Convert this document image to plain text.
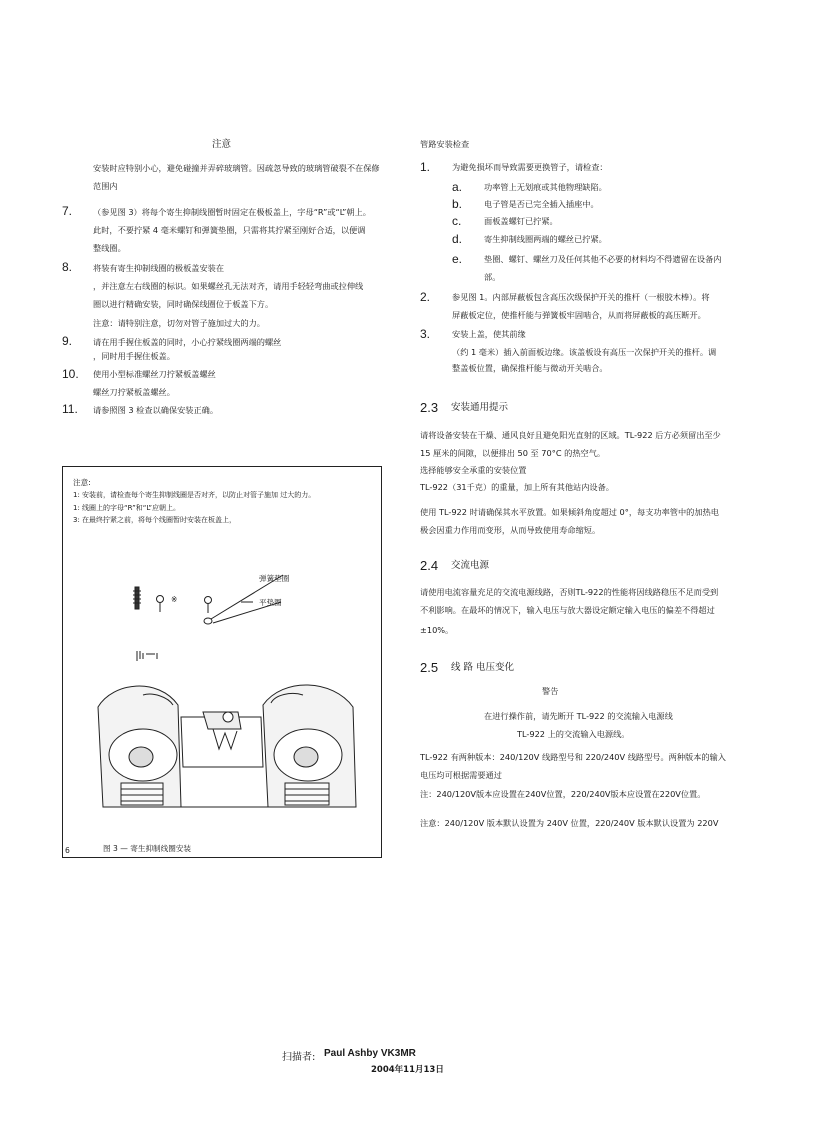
注意
安装时应特别小心，避免碰撞并弄碎玻璃管。因疏忽导致的玻璃管破裂不在保修
范围内
7.	（参见图 3）将每个寄生抑制线圈暂时固定在极板盖上，字母“R”或“L”朝上。
此时，不要拧紧 4 毫米螺钉和弹簧垫圈，只需将其拧紧至刚好合适，以便调
整线圈。
8.	将装有寄生抑制线圈的极板盖安装在
，并注意左右线圈的标识。如果螺丝孔无法对齐，请用手轻轻弯曲或拉伸线
圈以进行精确安装，同时确保线圈位于板盖下方。
注意：请特别注意，切勿对管子施加过大的力。
9.	请在用手握住板盖的同时，小心拧紧线圈两端的螺丝
，同时用手握住板盖。
10. 使用小型标准螺丝刀拧紧板盖螺丝
螺丝刀拧紧板盖螺丝。
11. 请参照图 3 检查以确保安装正确。
注意:
1: 安装前，请检查每个寄生抑制线圈是否对齐，以防止对管子施加 过大的力。
1: 线圈上的字母“R”和“L”应朝上。
3: 在最终拧紧之前，将每个线圈暂时安装在板盖上，
弹簧垫圈
平垫圈
※
6	图 3 — 寄生抑制线圈安装
管路安装检查
1.	为避免损坏而导致需要更换管子，请检查：
a.	功率管上无划痕或其他物理缺陷。
b.	电子管是否已完全插入插座中。
c.	面板盖螺钉已拧紧。
d.	寄生抑制线圈两端的螺丝已拧紧。
e.	垫圈、螺钉、螺丝刀及任何其他不必要的材料均不得遗留在设备内
部。
2.	参见图 1。内部屏蔽板包含高压次级保护开关的推杆（一根胶木棒）。将
屏蔽板定位，使推杆能与弹簧板牢固啮合，从而将屏蔽板的高压断开。
3.	安装上盖，使其前缘
（约 1 毫米）插入前面板边缘。该盖板设有高压一次保护开关的推杆。调
整盖板位置，确保推杆能与微动开关啮合。
2.3 安装通用提示
请将设备安装在干燥、通风良好且避免阳光直射的区域。TL-922 后方必须留出至少
15 厘米的间隙，以便排出 50 至 70°C 的热空气。
选择能够安全承重的安装位置
TL-922（31千克）的重量，加上所有其他站内设备。
使用 TL-922 时请确保其水平放置。如果倾斜角度超过 0°，每支功率管中的加热电
极会因重力作用而变形，从而导致使用寿命缩短。
2.4 交流电源
请使用电流容量充足的交流电源线路，否则TL-922的性能将因线路稳压不足而受到
不利影响。在最坏的情况下，输入电压与放大器设定额定输入电压的偏差不得超过
±10%。
2.5 线 路 电压变化
警告
在进行操作前，请先断开 TL-922 的交流输入电源线
TL-922 上的交流输入电源线。
TL-922 有两种版本：240/120V 线路型号和 220/240V 线路型号。两种版本的输入
电压均可根据需要通过
注：240/120V版本应设置在240V位置，220/240V版本应设置在220V位置。
注意：240/120V 版本默认设置为 240V 位置，220/240V 版本默认设置为 220V
扫描者: Paul Ashby VK3MR
2004年11月13日
